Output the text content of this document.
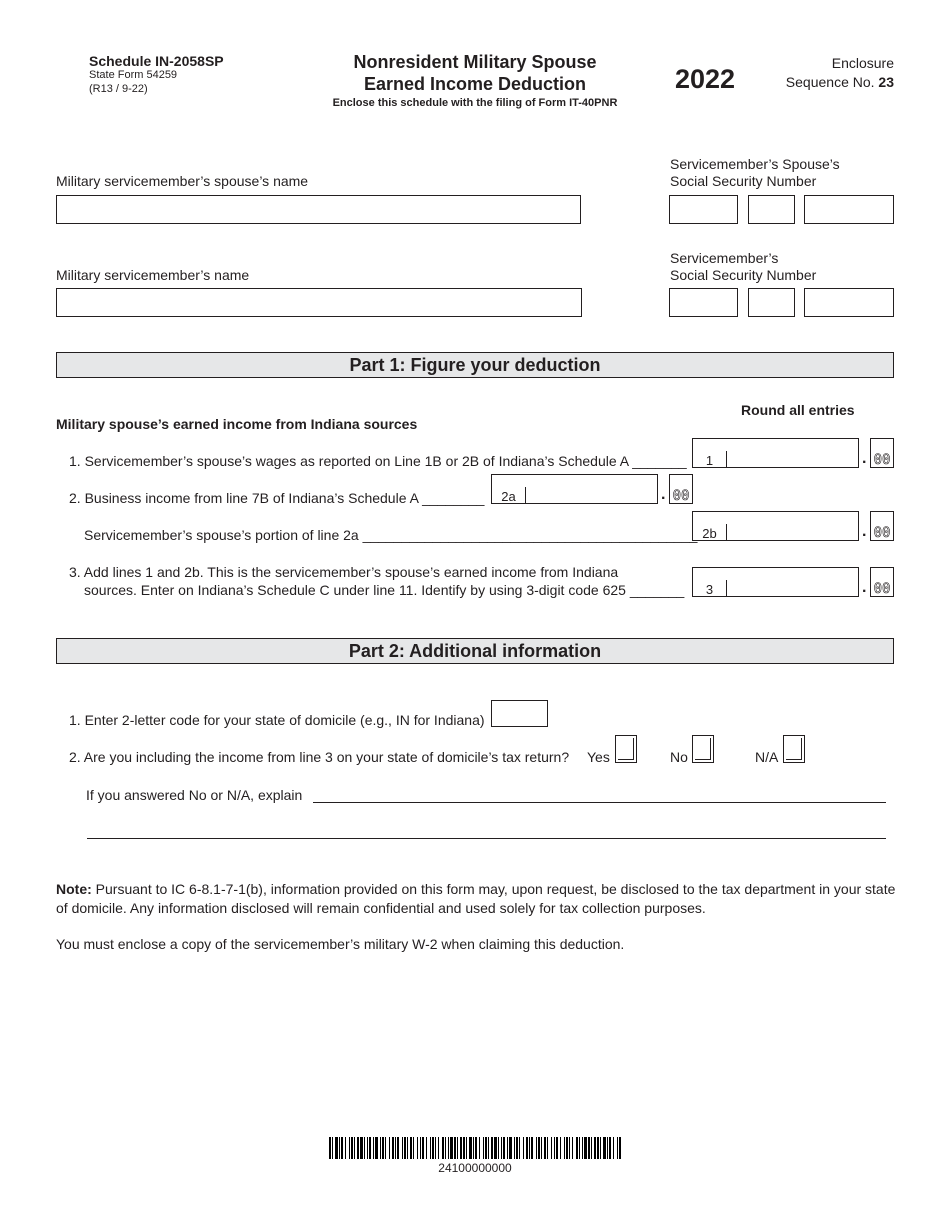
Schedule IN-2058SP
State Form 54259
(R13 / 9-22)
Nonresident Military Spouse
Earned Income Deduction
Enclose this schedule with the filing of Form IT-40PNR
2022
Enclosure
Sequence No. 23
Military servicemember’s spouse’s name
Servicemember’s Spouse’s
Social Security Number
Military servicemember’s name
Servicemember’s
Social Security Number
Part 1: Figure your deduction
Round all entries
Military spouse’s earned income from Indiana sources
1. Servicemember’s spouse’s wages as reported on Line 1B or 2B of Indiana’s Schedule A _______	1	. 00
2. Business income from line 7B of Indiana’s Schedule A ________	2a	. 00
Servicemember’s spouse’s portion of line 2a ___________________________________________ 2b	. 00
3. Add lines 1 and 2b. This is the servicemember’s spouse’s earned income from Indiana
sources. Enter on Indiana’s Schedule C under line 11. Identify by using 3-digit code 625 _______	3	. 00
Part 2: Additional information
1. Enter 2-letter code for your state of domicile (e.g., IN for Indiana)
2. Are you including the income from line 3 on your state of domicile’s tax return? Yes	No	N/A
If you answered No or N/A, explain
Note: Pursuant to IC 6-8.1-7-1(b), information provided on this form may, upon request, be disclosed to the tax department in your state
of domicile. Any information disclosed will remain confidential and used solely for tax collection purposes.
You must enclose a copy of the servicemember’s military W-2 when claiming this deduction.
24100000000
